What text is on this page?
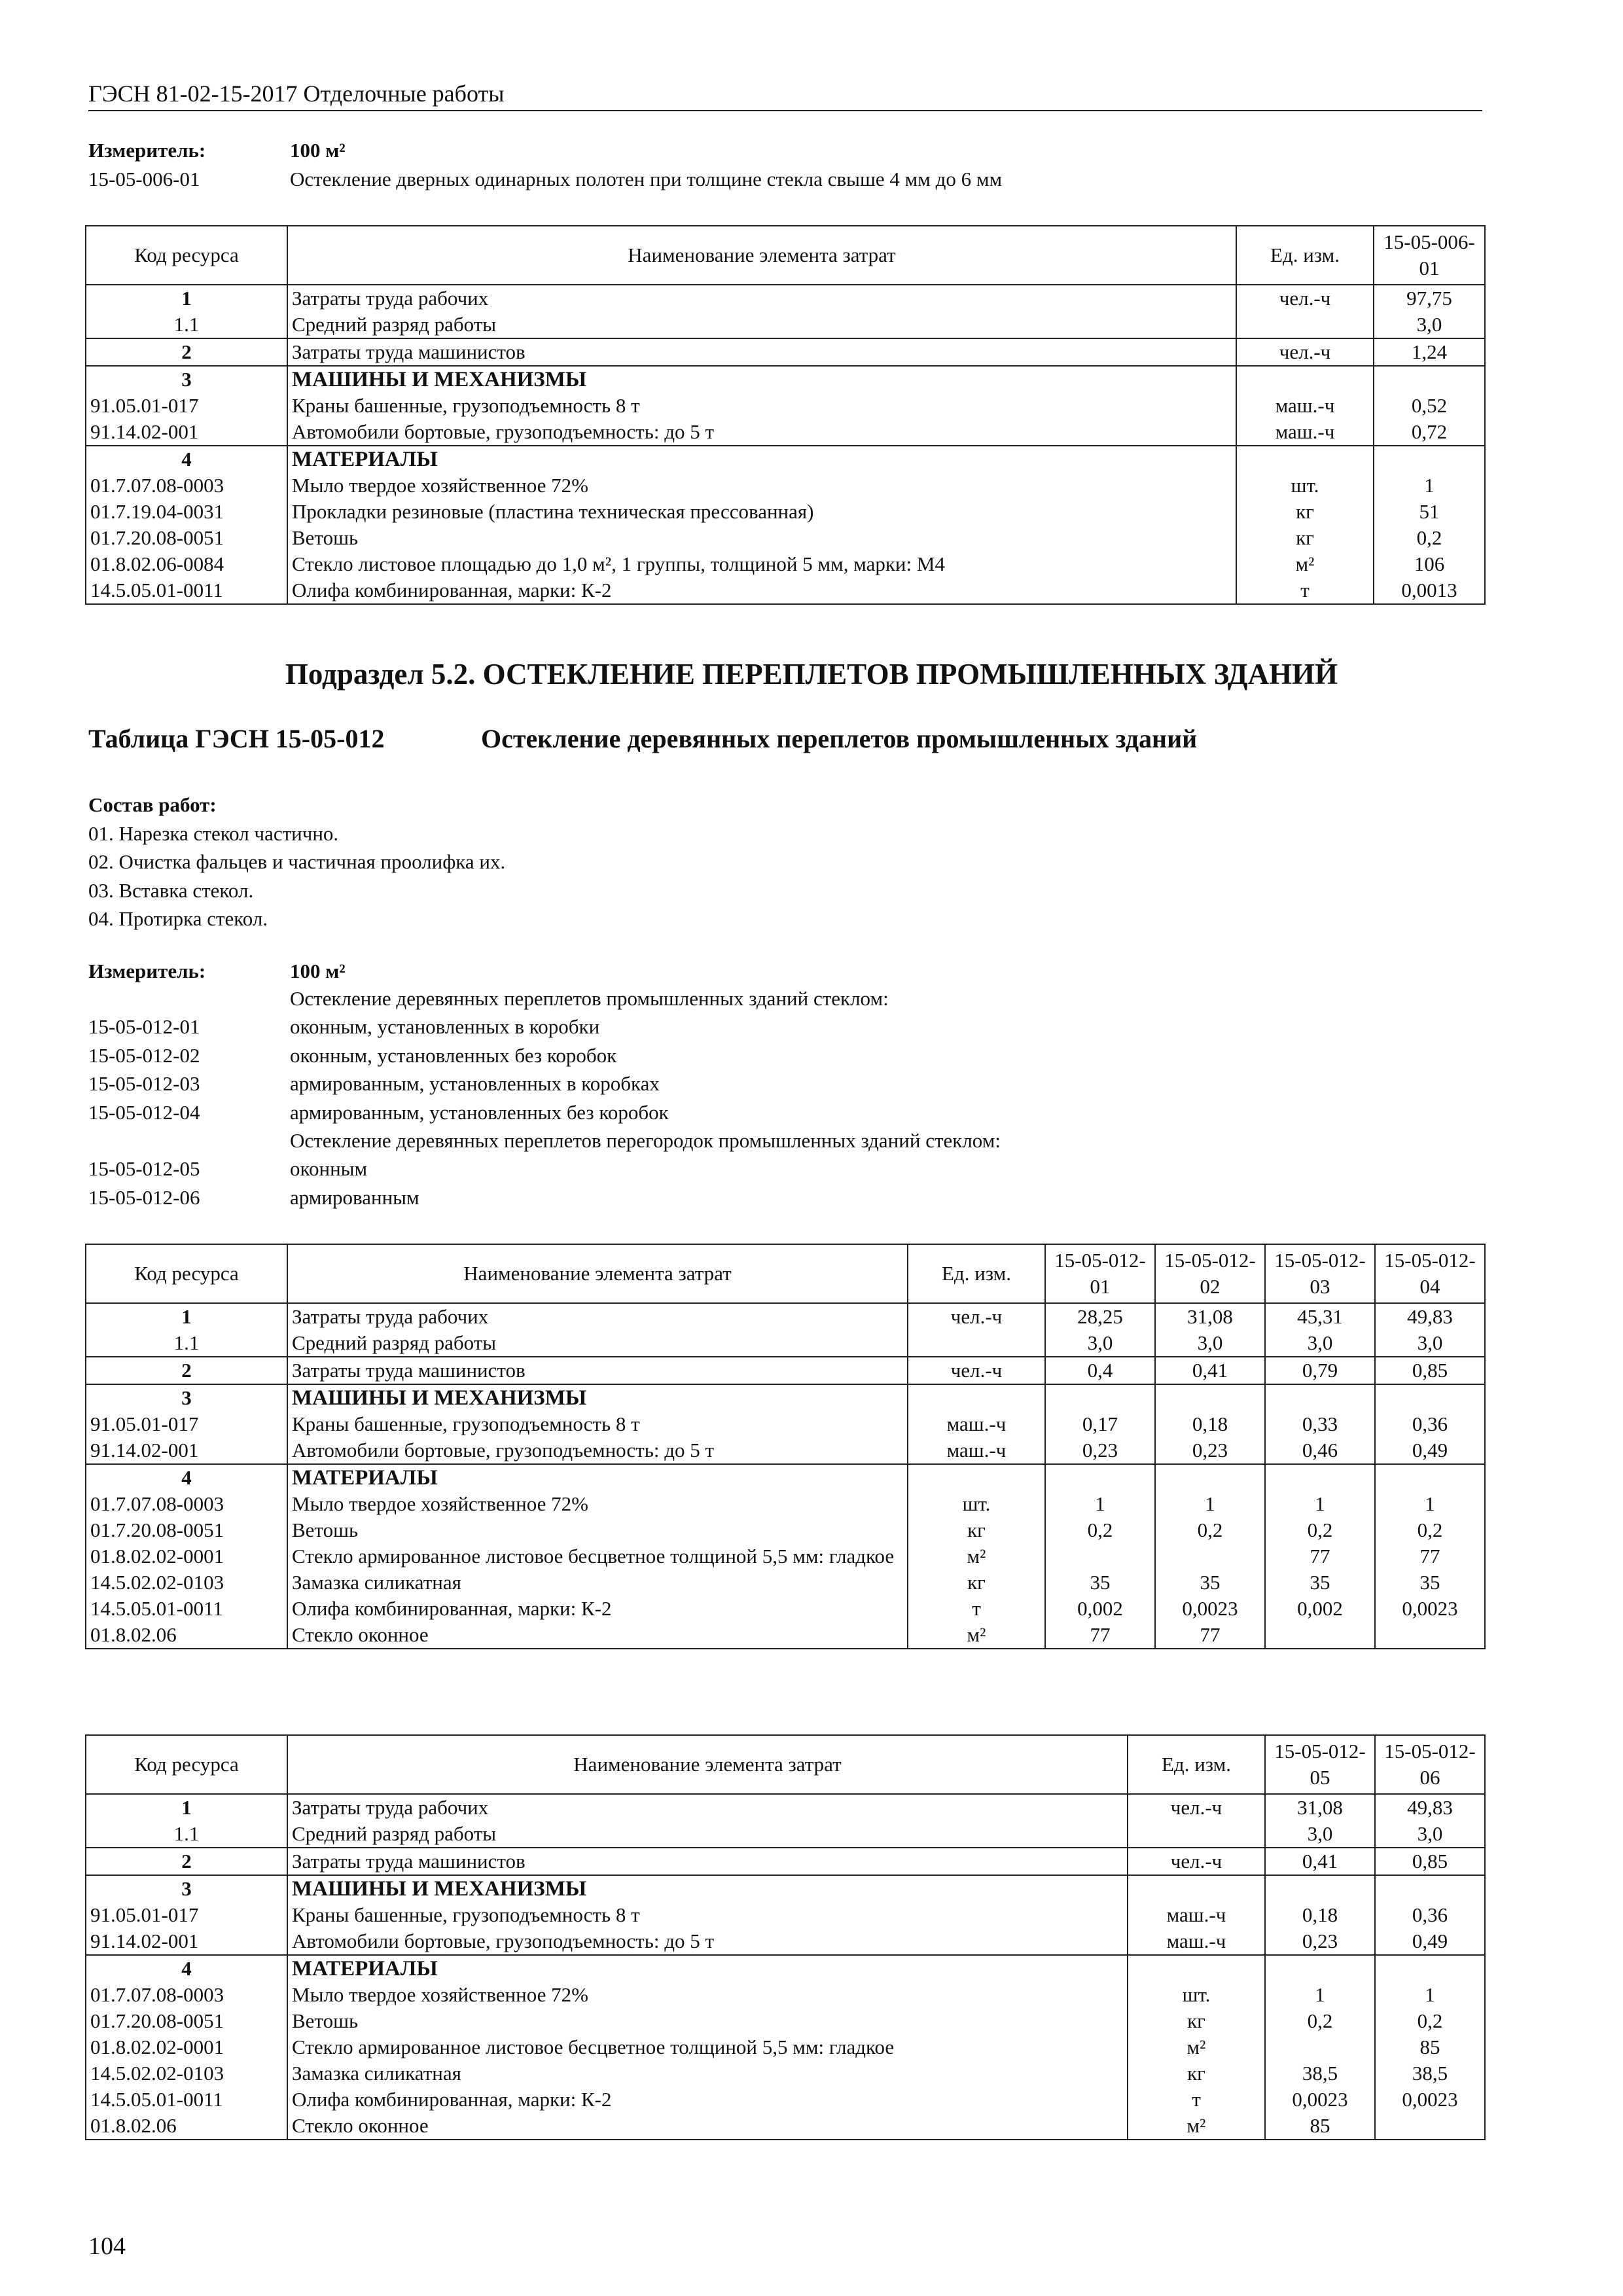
ГЭСН 81-02-15-2017 Отделочные работы
Измеритель:	100 м²
15-05-006-01	Остекление дверных одинарных полотен при толщине стекла свыше 4 мм до 6 мм
Код ресурса	Наименование элемента затрат	Ед. изм.	15-05-006-01
1	Затраты труда рабочих	чел.-ч	97,75
1.1	Средний разряд работы		3,0
2	Затраты труда машинистов	чел.-ч	1,24
3	МАШИНЫ И МЕХАНИЗМЫ		
91.05.01-017	Краны башенные, грузоподъемность 8 т	маш.-ч	0,52
91.14.02-001	Автомобили бортовые, грузоподъемность: до 5 т	маш.-ч	0,72
4	МАТЕРИАЛЫ		
01.7.07.08-0003	Мыло твердое хозяйственное 72%	шт.	1
01.7.19.04-0031	Прокладки резиновые (пластина техническая прессованная)	кг	51
01.7.20.08-0051	Ветошь	кг	0,2
01.8.02.06-0084	Стекло листовое площадью до 1,0 м², 1 группы, толщиной 5 мм, марки: М4	м²	106
14.5.05.01-0011	Олифа комбинированная, марки: К-2	т	0,0013
Подраздел 5.2. ОСТЕКЛЕНИЕ ПЕРЕПЛЕТОВ ПРОМЫШЛЕННЫХ ЗДАНИЙ
Таблица ГЭСН 15-05-012	Остекление деревянных переплетов промышленных зданий
Состав работ:
01. Нарезка стекол частично.
02. Очистка фальцев и частичная проолифка их.
03. Вставка стекол.
04. Протирка стекол.
Измеритель:	100 м²
Остекление деревянных переплетов промышленных зданий стеклом:
15-05-012-01	оконным, установленных в коробки
15-05-012-02	оконным, установленных без коробок
15-05-012-03	армированным, установленных в коробках
15-05-012-04	армированным, установленных без коробок
Остекление деревянных переплетов перегородок промышленных зданий стеклом:
15-05-012-05	оконным
15-05-012-06	армированным
Код ресурса	Наименование элемента затрат	Ед. изм.	15-05-012-01	15-05-012-02	15-05-012-03	15-05-012-04
1	Затраты труда рабочих	чел.-ч	28,25	31,08	45,31	49,83
1.1	Средний разряд работы		3,0	3,0	3,0	3,0
2	Затраты труда машинистов	чел.-ч	0,4	0,41	0,79	0,85
3	МАШИНЫ И МЕХАНИЗМЫ					
91.05.01-017	Краны башенные, грузоподъемность 8 т	маш.-ч	0,17	0,18	0,33	0,36
91.14.02-001	Автомобили бортовые, грузоподъемность: до 5 т	маш.-ч	0,23	0,23	0,46	0,49
4	МАТЕРИАЛЫ					
01.7.07.08-0003	Мыло твердое хозяйственное 72%	шт.	1	1	1	1
01.7.20.08-0051	Ветошь	кг	0,2	0,2	0,2	0,2
01.8.02.02-0001	Стекло армированное листовое бесцветное толщиной 5,5 мм: гладкое	м²			77	77
14.5.02.02-0103	Замазка силикатная	кг	35	35	35	35
14.5.05.01-0011	Олифа комбинированная, марки: К-2	т	0,002	0,0023	0,002	0,0023
01.8.02.06	Стекло оконное	м²	77	77		
Код ресурса	Наименование элемента затрат	Ед. изм.	15-05-012-05	15-05-012-06
1	Затраты труда рабочих	чел.-ч	31,08	49,83
1.1	Средний разряд работы		3,0	3,0
2	Затраты труда машинистов	чел.-ч	0,41	0,85
3	МАШИНЫ И МЕХАНИЗМЫ			
91.05.01-017	Краны башенные, грузоподъемность 8 т	маш.-ч	0,18	0,36
91.14.02-001	Автомобили бортовые, грузоподъемность: до 5 т	маш.-ч	0,23	0,49
4	МАТЕРИАЛЫ			
01.7.07.08-0003	Мыло твердое хозяйственное 72%	шт.	1	1
01.7.20.08-0051	Ветошь	кг	0,2	0,2
01.8.02.02-0001	Стекло армированное листовое бесцветное толщиной 5,5 мм: гладкое	м²		85
14.5.02.02-0103	Замазка силикатная	кг	38,5	38,5
14.5.05.01-0011	Олифа комбинированная, марки: К-2	т	0,0023	0,0023
01.8.02.06	Стекло оконное	м²	85	
104
